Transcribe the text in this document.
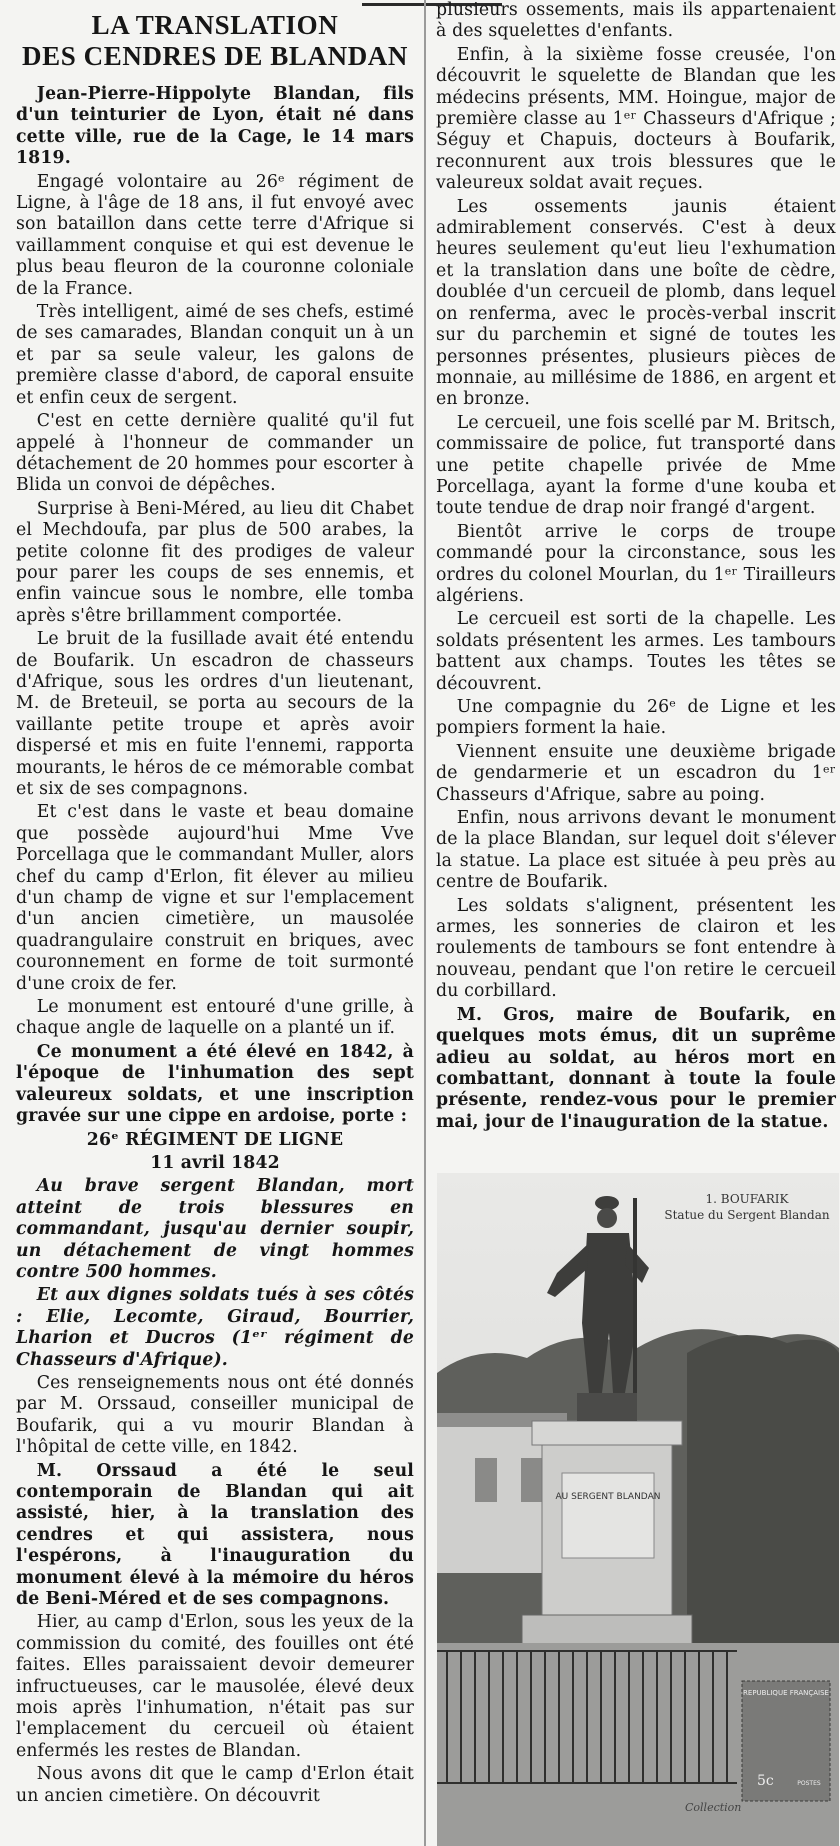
LA TRANSLATION
DES CENDRES DE BLANDAN

Jean-Pierre-Hippolyte Blandan, fils d'un teinturier de Lyon, était né dans cette ville, rue de la Cage, le 14 mars 1819.

Engagé volontaire au 26ᵉ régiment de Ligne, à l'âge de 18 ans, il fut envoyé avec son bataillon dans cette terre d'Afrique si vaillamment conquise et qui est devenue le plus beau fleuron de la couronne coloniale de la France.

Très intelligent, aimé de ses chefs, estimé de ses camarades, Blandan conquit un à un et par sa seule valeur, les galons de première classe d'abord, de caporal ensuite et enfin ceux de sergent.

C'est en cette dernière qualité qu'il fut appelé à l'honneur de commander un détachement de 20 hommes pour escorter à Blida un convoi de dépêches.

Surprise à Beni-Méred, au lieu dit Chabet el Mechdoufa, par plus de 500 arabes, la petite colonne fit des prodiges de valeur pour parer les coups de ses ennemis, et enfin vaincue sous le nombre, elle tomba après s'être brillamment comportée.

Le bruit de la fusillade avait été entendu de Boufarik. Un escadron de chasseurs d'Afrique, sous les ordres d'un lieutenant, M. de Breteuil, se porta au secours de la vaillante petite troupe et après avoir dispersé et mis en fuite l'ennemi, rapporta mourants, le héros de ce mémorable combat et six de ses compagnons.

Et c'est dans le vaste et beau domaine que possède aujourd'hui Mme Vve Porcellaga que le commandant Muller, alors chef du camp d'Erlon, fit élever au milieu d'un champ de vigne et sur l'emplacement d'un ancien cimetière, un mausolée quadrangulaire construit en briques, avec couronnement en forme de toit surmonté d'une croix de fer.

Le monument est entouré d'une grille, à chaque angle de laquelle on a planté un if.

Ce monument a été élevé en 1842, à l'époque de l'inhumation des sept valeureux soldats, et une inscription gravée sur une cippe en ardoise, porte :

26ᵉ RÉGIMENT DE LIGNE

11 avril 1842

Au brave sergent Blandan, mort atteint de trois blessures en commandant, jusqu'au dernier soupir, un détachement de vingt hommes contre 500 hommes.

Et aux dignes soldats tués à ses côtés : Elie, Lecomte, Giraud, Bourrier, Lharion et Ducros (1ᵉʳ régiment de Chasseurs d'Afrique).

Ces renseignements nous ont été donnés par M. Orssaud, conseiller municipal de Boufarik, qui a vu mourir Blandan à l'hôpital de cette ville, en 1842.

M. Orssaud a été le seul contemporain de Blandan qui ait assisté, hier, à la translation des cendres et qui assistera, nous l'espérons, à l'inauguration du monument élevé à la mémoire du héros de Beni-Méred et de ses compagnons.

Hier, au camp d'Erlon, sous les yeux de la commission du comité, des fouilles ont été faites. Elles paraissaient devoir demeurer infructueuses, car le mausolée, élevé deux mois après l'inhumation, n'était pas sur l'emplacement du cercueil où étaient enfermés les restes de Blandan.

Nous avons dit que le camp d'Erlon était un ancien cimetière. On découvrit

plusieurs ossements, mais ils appartenaient à des squelettes d'enfants.

Enfin, à la sixième fosse creusée, l'on découvrit le squelette de Blandan que les médecins présents, MM. Hoingue, major de première classe au 1ᵉʳ Chasseurs d'Afrique ; Séguy et Chapuis, docteurs à Boufarik, reconnurent aux trois blessures que le valeureux soldat avait reçues.

Les ossements jaunis étaient admirablement conservés. C'est à deux heures seulement qu'eut lieu l'exhumation et la translation dans une boîte de cèdre, doublée d'un cercueil de plomb, dans lequel on renferma, avec le procès-verbal inscrit sur du parchemin et signé de toutes les personnes présentes, plusieurs pièces de monnaie, au millésime de 1886, en argent et en bronze.

Le cercueil, une fois scellé par M. Britsch, commissaire de police, fut transporté dans une petite chapelle privée de Mme Porcellaga, ayant la forme d'une kouba et toute tendue de drap noir frangé d'argent.

Bientôt arrive le corps de troupe commandé pour la circonstance, sous les ordres du colonel Mourlan, du 1ᵉʳ Tirailleurs algériens.

Le cercueil est sorti de la chapelle. Les soldats présentent les armes. Les tambours battent aux champs. Toutes les têtes se découvrent.

Une compagnie du 26ᵉ de Ligne et les pompiers forment la haie.

Viennent ensuite une deuxième brigade de gendarmerie et un escadron du 1ᵉʳ Chasseurs d'Afrique, sabre au poing.

Enfin, nous arrivons devant le monument de la place Blandan, sur lequel doit s'élever la statue. La place est située à peu près au centre de Boufarik.

Les soldats s'alignent, présentent les armes, les sonneries de clairon et les roulements de tambours se font entendre à nouveau, pendant que l'on retire le cercueil du corbillard.

M. Gros, maire de Boufarik, en quelques mots émus, dit un suprême adieu au soldat, au héros mort en combattant, donnant à toute la foule présente, rendez-vous pour le premier mai, jour de l'inauguration de la statue.

AU SERGENT BLANDAN
REPUBLIQUE FRANÇAISE
5c	POSTES
1. BOUFARIK
Statue du Sergent Blandan
Collection
